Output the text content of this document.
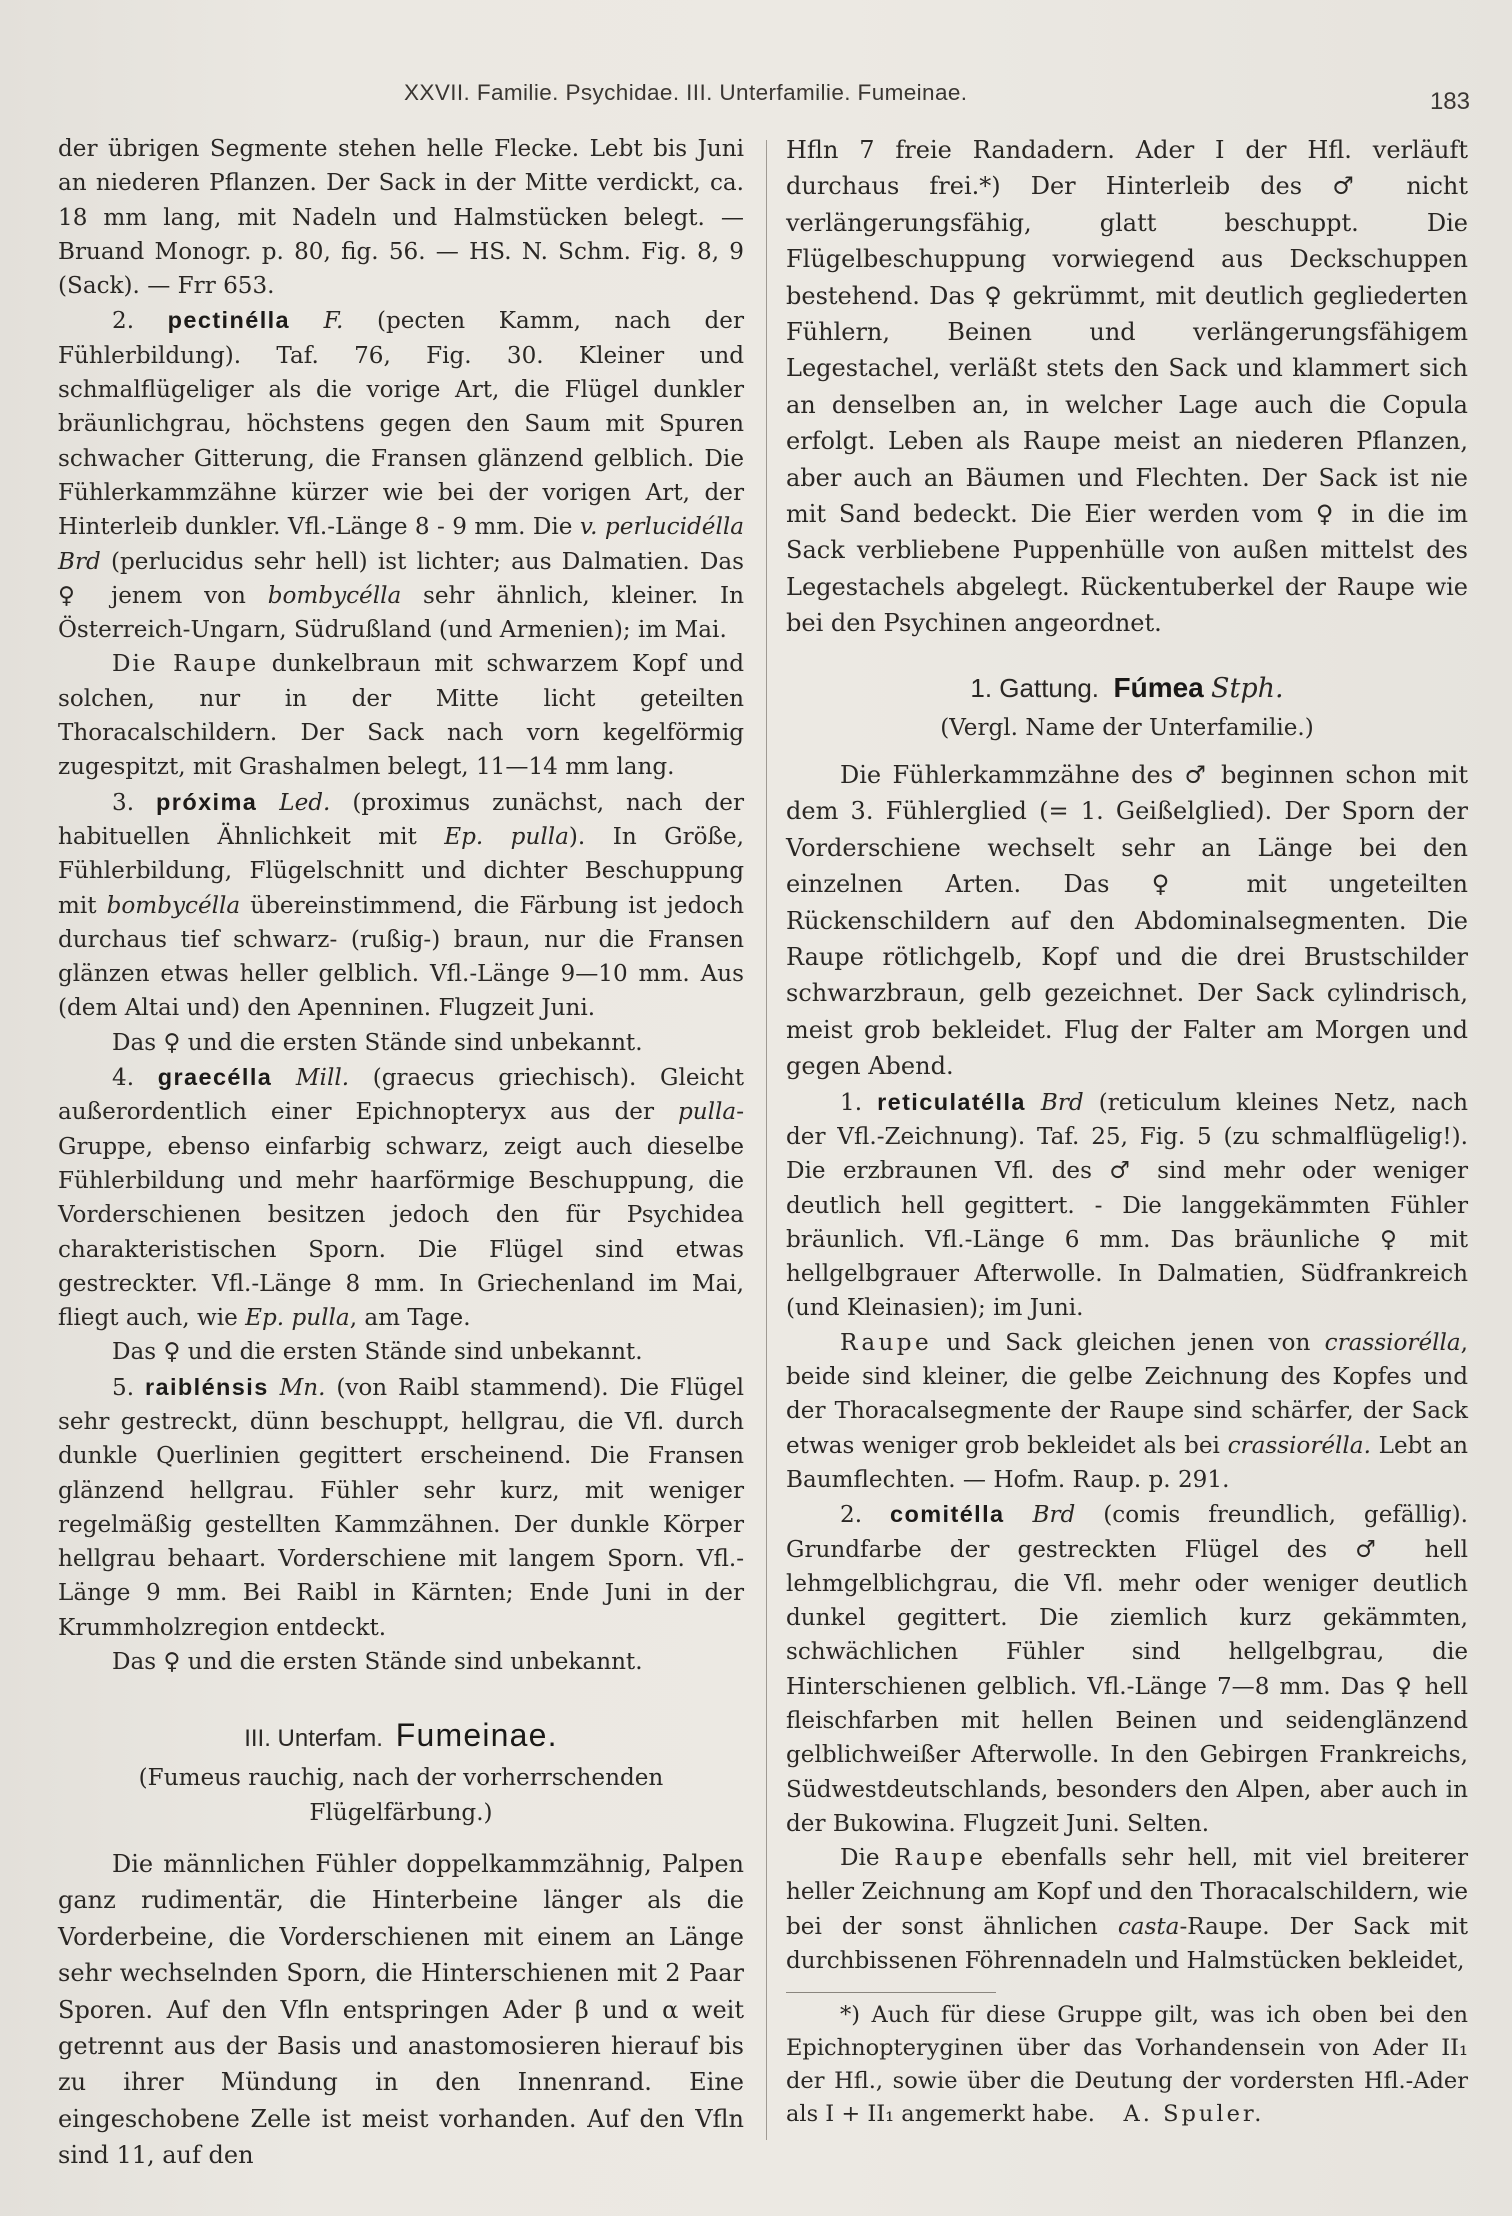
XXVII. Familie. Psychidae. III. Unterfamilie. Fumeinae.	183

der übrigen Segmente stehen helle Flecke. Lebt bis Juni an niederen Pflanzen. Der Sack in der Mitte verdickt, ca. 18 mm lang, mit Nadeln und Halmstücken belegt. — Bruand Monogr. p. 80, fig. 56. — HS. N. Schm. Fig. 8, 9 (Sack). — Frr 653.

2. pectinélla F. (pecten Kamm, nach der Fühlerbildung). Taf. 76, Fig. 30. Kleiner und schmalflügeliger als die vorige Art, die Flügel dunkler bräunlichgrau, höchstens gegen den Saum mit Spuren schwacher Gitterung, die Fransen glänzend gelblich. Die Fühlerkammzähne kürzer wie bei der vorigen Art, der Hinterleib dunkler. Vfl.-Länge 8 - 9 mm. Die v. perlucidélla Brd (perlucidus sehr hell) ist lichter; aus Dalmatien. Das ♀ jenem von bombycélla sehr ähnlich, kleiner. In Österreich-Ungarn, Südrußland (und Armenien); im Mai.

Die Raupe dunkelbraun mit schwarzem Kopf und solchen, nur in der Mitte licht geteilten Thoracalschildern. Der Sack nach vorn kegelförmig zugespitzt, mit Grashalmen belegt, 11—14 mm lang.

3. próxima Led. (proximus zunächst, nach der habituellen Ähnlichkeit mit Ep. pulla). In Größe, Fühlerbildung, Flügelschnitt und dichter Beschuppung mit bombycélla übereinstimmend, die Färbung ist jedoch durchaus tief schwarz- (rußig-) braun, nur die Fransen glänzen etwas heller gelblich. Vfl.-Länge 9—10 mm. Aus (dem Altai und) den Apenninen. Flugzeit Juni.

Das ♀ und die ersten Stände sind unbekannt.

4. graecélla Mill. (graecus griechisch). Gleicht außerordentlich einer Epichnopteryx aus der pulla-Gruppe, ebenso einfarbig schwarz, zeigt auch dieselbe Fühlerbildung und mehr haarförmige Beschuppung, die Vorderschienen besitzen jedoch den für Psychidea charakteristischen Sporn. Die Flügel sind etwas gestreckter. Vfl.-Länge 8 mm. In Griechenland im Mai, fliegt auch, wie Ep. pulla, am Tage.

Das ♀ und die ersten Stände sind unbekannt.

5. raiblénsis Mn. (von Raibl stammend). Die Flügel sehr gestreckt, dünn beschuppt, hellgrau, die Vfl. durch dunkle Querlinien gegittert erscheinend. Die Fransen glänzend hellgrau. Fühler sehr kurz, mit weniger regelmäßig gestellten Kammzähnen. Der dunkle Körper hellgrau behaart. Vorderschiene mit langem Sporn. Vfl.-Länge 9 mm. Bei Raibl in Kärnten; Ende Juni in der Krummholzregion entdeckt.

Das ♀ und die ersten Stände sind unbekannt.

III. Unterfam. Fumeinae.

(Fumeus rauchig, nach der vorherrschenden Flügelfärbung.)

Die männlichen Fühler doppelkammzähnig, Palpen ganz rudimentär, die Hinterbeine länger als die Vorderbeine, die Vorderschienen mit einem an Länge sehr wechselnden Sporn, die Hinterschienen mit 2 Paar Sporen. Auf den Vfln entspringen Ader β und α weit getrennt aus der Basis und anastomosieren hierauf bis zu ihrer Mündung in den Innenrand. Eine eingeschobene Zelle ist meist vorhanden. Auf den Vfln sind 11, auf den

Hfln 7 freie Randadern. Ader I der Hfl. verläuft durchaus frei.*) Der Hinterleib des ♂ nicht verlängerungsfähig, glatt beschuppt. Die Flügelbeschuppung vorwiegend aus Deckschuppen bestehend. Das ♀ gekrümmt, mit deutlich gegliederten Fühlern, Beinen und verlängerungsfähigem Legestachel, verläßt stets den Sack und klammert sich an denselben an, in welcher Lage auch die Copula erfolgt. Leben als Raupe meist an niederen Pflanzen, aber auch an Bäumen und Flechten. Der Sack ist nie mit Sand bedeckt. Die Eier werden vom ♀ in die im Sack verbliebene Puppenhülle von außen mittelst des Legestachels abgelegt. Rückentuberkel der Raupe wie bei den Psychinen angeordnet.

1. Gattung. Fúmea Stph.

(Vergl. Name der Unterfamilie.)

Die Fühlerkammzähne des ♂ beginnen schon mit dem 3. Fühlerglied (= 1. Geißelglied). Der Sporn der Vorderschiene wechselt sehr an Länge bei den einzelnen Arten. Das ♀ mit ungeteilten Rückenschildern auf den Abdominalsegmenten. Die Raupe rötlichgelb, Kopf und die drei Brustschilder schwarzbraun, gelb gezeichnet. Der Sack cylindrisch, meist grob bekleidet. Flug der Falter am Morgen und gegen Abend.

1. reticulatélla Brd (reticulum kleines Netz, nach der Vfl.-Zeichnung). Taf. 25, Fig. 5 (zu schmalflügelig!). Die erzbraunen Vfl. des ♂ sind mehr oder weniger deutlich hell gegittert. - Die langgekämmten Fühler bräunlich. Vfl.-Länge 6 mm. Das bräunliche ♀ mit hellgelbgrauer Afterwolle. In Dalmatien, Südfrankreich (und Kleinasien); im Juni.

Raupe und Sack gleichen jenen von crassiorélla, beide sind kleiner, die gelbe Zeichnung des Kopfes und der Thoracalsegmente der Raupe sind schärfer, der Sack etwas weniger grob bekleidet als bei crassiorélla. Lebt an Baumflechten. — Hofm. Raup. p. 291.

2. comitélla Brd (comis freundlich, gefällig). Grundfarbe der gestreckten Flügel des ♂ hell lehmgelblichgrau, die Vfl. mehr oder weniger deutlich dunkel gegittert. Die ziemlich kurz gekämmten, schwächlichen Fühler sind hellgelbgrau, die Hinterschienen gelblich. Vfl.-Länge 7—8 mm. Das ♀ hell fleischfarben mit hellen Beinen und seidenglänzend gelblichweißer Afterwolle. In den Gebirgen Frankreichs, Südwestdeutschlands, besonders den Alpen, aber auch in der Bukowina. Flugzeit Juni. Selten.

Die Raupe ebenfalls sehr hell, mit viel breiterer heller Zeichnung am Kopf und den Thoracalschildern, wie bei der sonst ähnlichen casta-Raupe. Der Sack mit durchbissenen Föhrennadeln und Halmstücken bekleidet,

*) Auch für diese Gruppe gilt, was ich oben bei den Epichnopteryginen über das Vorhandensein von Ader II₁ der Hfl., sowie über die Deutung der vordersten Hfl.-Ader als I + II₁ angemerkt habe. A. Spuler.
